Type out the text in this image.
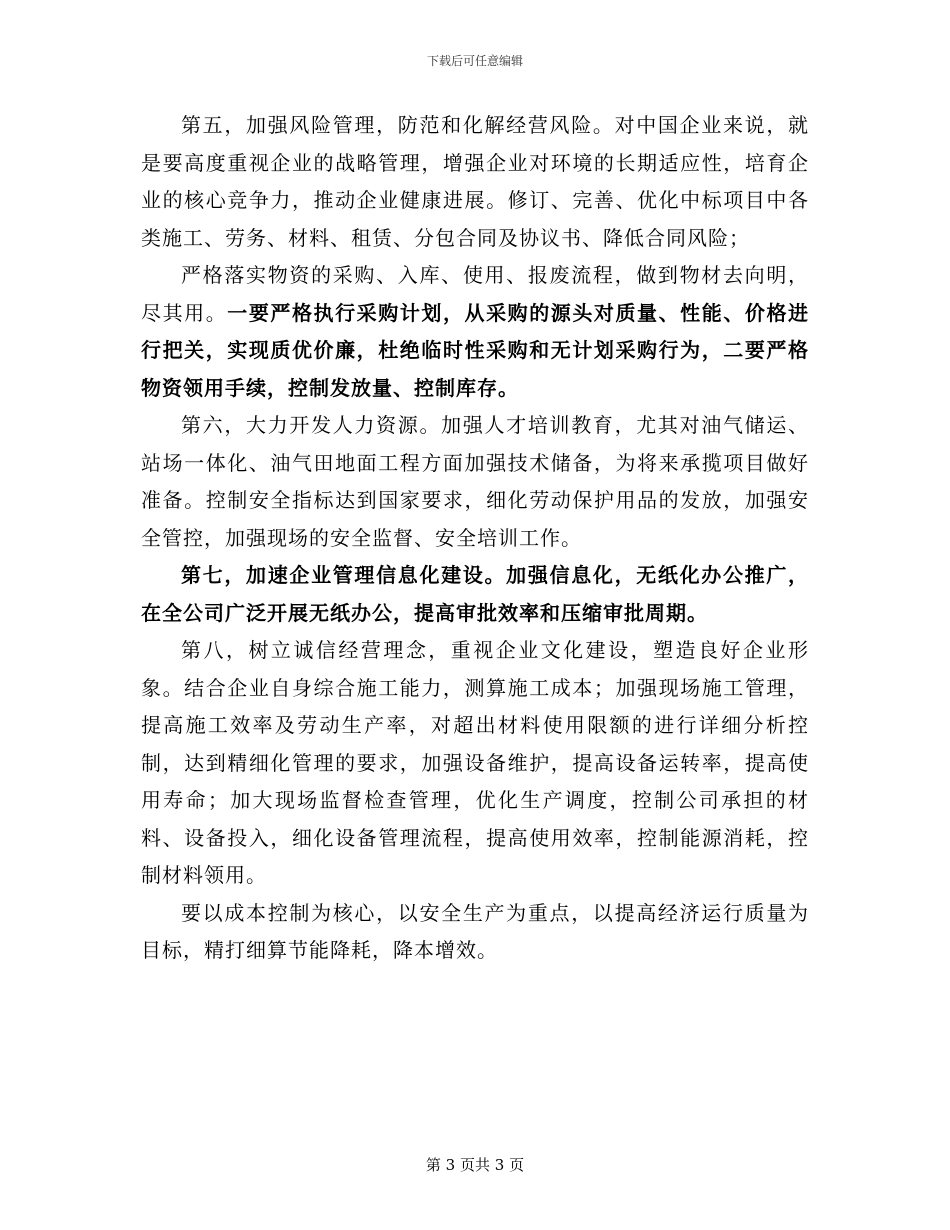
下载后可任意编辑

第五，加强风险管理，防范和化解经营风险。对中国企业来说，就是要高度重视企业的战略管理，增强企业对环境的长期适应性，培育企业的核心竞争力，推动企业健康进展。修订、完善、优化中标项目中各类施工、劳务、材料、租赁、分包合同及协议书、降低合同风险；

严格落实物资的采购、入库、使用、报废流程，做到物材去向明，尽其用。一要严格执行采购计划，从采购的源头对质量、性能、价格进行把关，实现质优价廉，杜绝临时性采购和无计划采购行为，二要严格物资领用手续，控制发放量、控制库存。

第六，大力开发人力资源。加强人才培训教育，尤其对油气储运、站场一体化、油气田地面工程方面加强技术储备，为将来承揽项目做好准备。控制安全指标达到国家要求，细化劳动保护用品的发放，加强安全管控，加强现场的安全监督、安全培训工作。

第七，加速企业管理信息化建设。加强信息化，无纸化办公推广，在全公司广泛开展无纸办公，提高审批效率和压缩审批周期。

第八，树立诚信经营理念，重视企业文化建设，塑造良好企业形象。结合企业自身综合施工能力，测算施工成本；加强现场施工管理，提高施工效率及劳动生产率，对超出材料使用限额的进行详细分析控制，达到精细化管理的要求，加强设备维护，提高设备运转率，提高使用寿命；加大现场监督检查管理，优化生产调度，控制公司承担的材料、设备投入，细化设备管理流程，提高使用效率，控制能源消耗，控制材料领用。

要以成本控制为核心，以安全生产为重点，以提高经济运行质量为目标，精打细算节能降耗，降本增效。

第 3 页共 3 页
